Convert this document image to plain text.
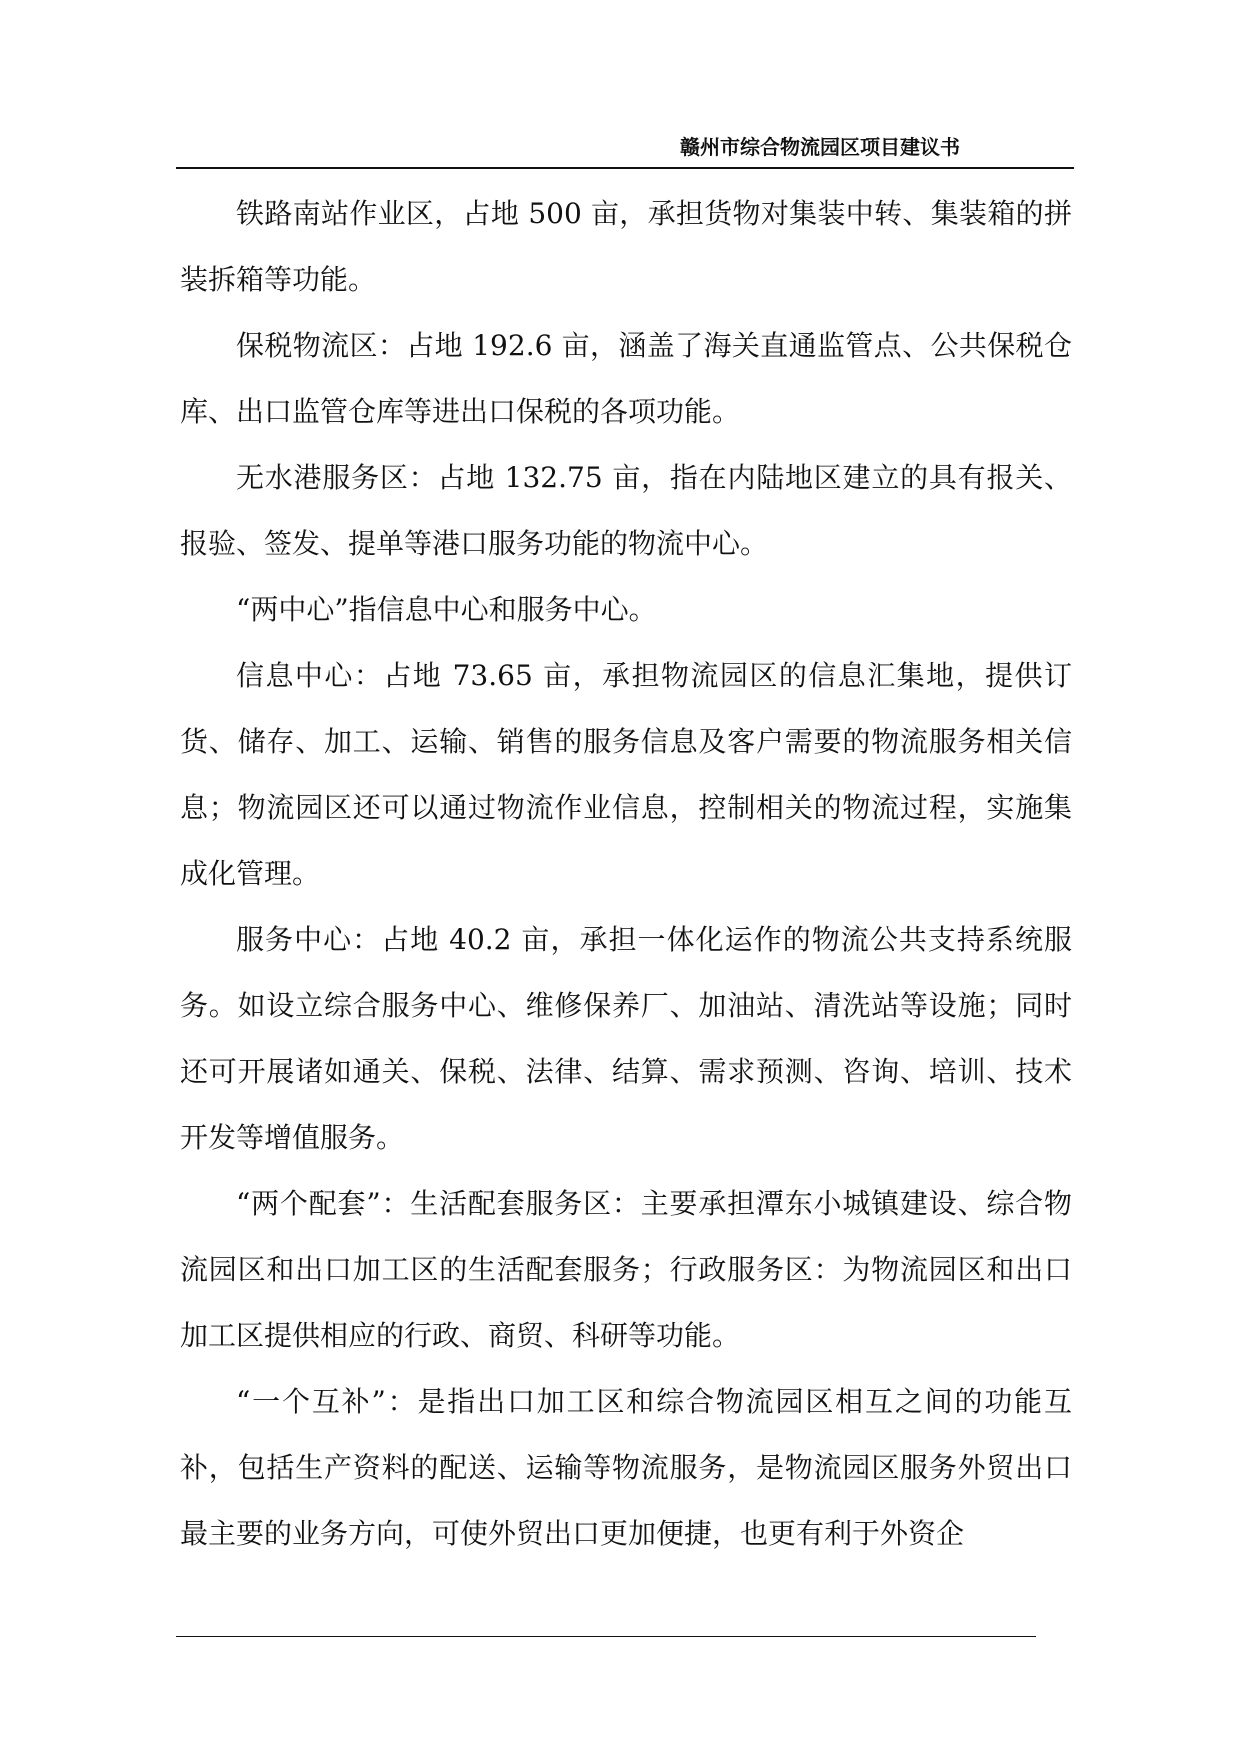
赣州市综合物流园区项目建议书

铁路南站作业区，占地 500 亩，承担货物对集装中转、集装箱的拼装拆箱等功能。

保税物流区：占地 192.6 亩，涵盖了海关直通监管点、公共保税仓库、出口监管仓库等进出口保税的各项功能。

无水港服务区：占地 132.75 亩，指在内陆地区建立的具有报关、报验、签发、提单等港口服务功能的物流中心。

“两中心”指信息中心和服务中心。

信息中心：占地 73.65 亩，承担物流园区的信息汇集地，提供订货、储存、加工、运输、销售的服务信息及客户需要的物流服务相关信息；物流园区还可以通过物流作业信息，控制相关的物流过程，实施集成化管理。

服务中心：占地 40.2 亩，承担一体化运作的物流公共支持系统服务。如设立综合服务中心、维修保养厂、加油站、清洗站等设施；同时还可开展诸如通关、保税、法律、结算、需求预测、咨询、培训、技术开发等增值服务。

“两个配套”：生活配套服务区：主要承担潭东小城镇建设、综合物流园区和出口加工区的生活配套服务；行政服务区：为物流园区和出口加工区提供相应的行政、商贸、科研等功能。

“一个互补”：是指出口加工区和综合物流园区相互之间的功能互补，包括生产资料的配送、运输等物流服务，是物流园区服务外贸出口最主要的业务方向，可使外贸出口更加便捷，也更有利于外资企
